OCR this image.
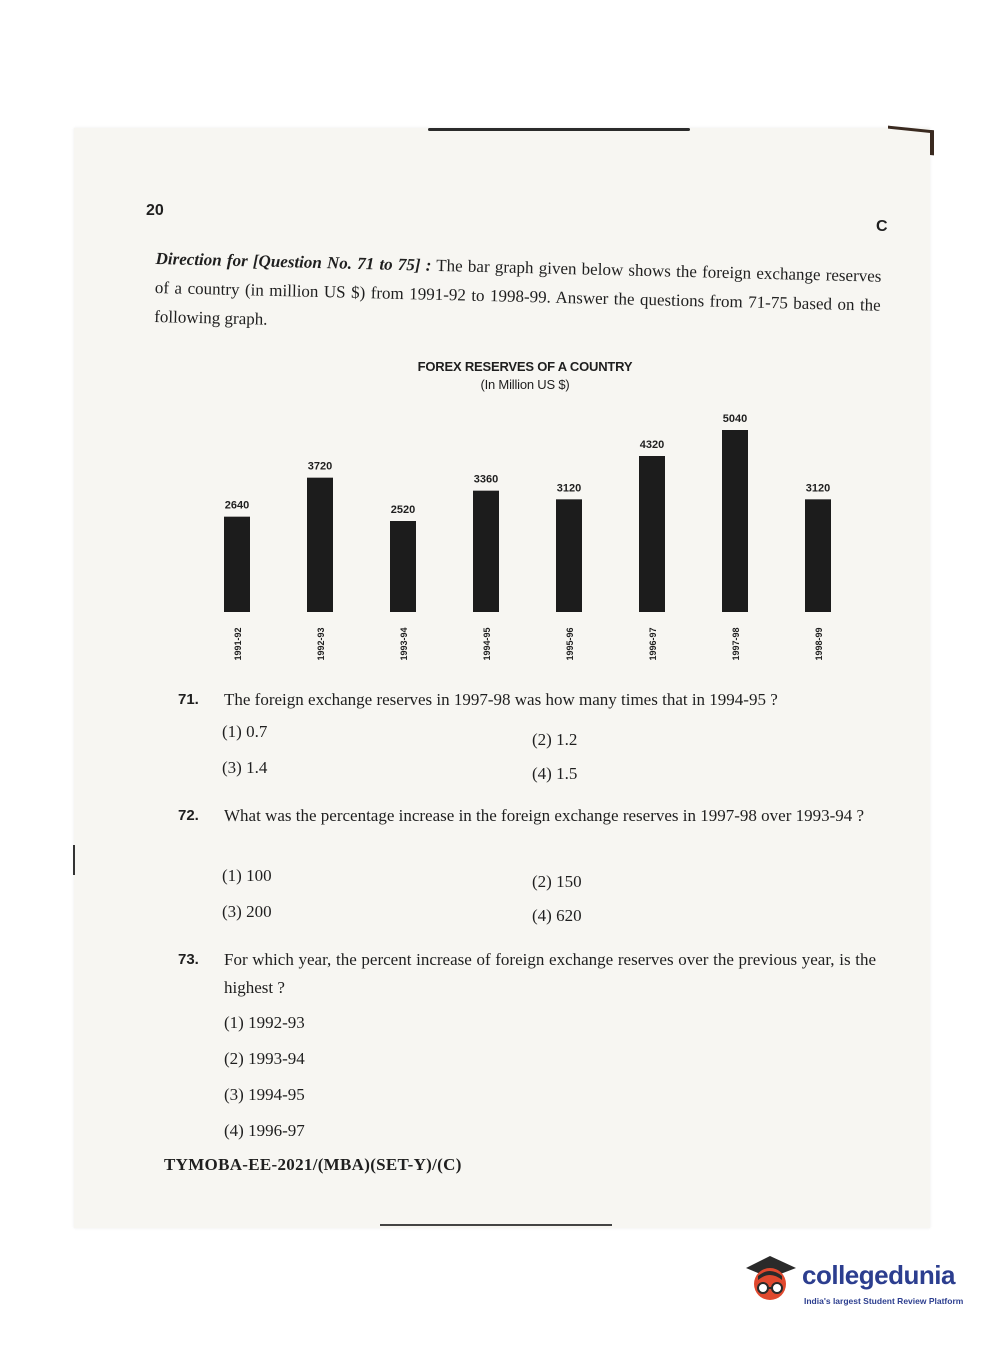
20
C
Direction for [Question No. 71 to 75] : The bar graph given below shows the foreign exchange reserves of a country (in million US $) from 1991-92 to 1998-99. Answer the questions from 71-75 based on the following graph.
FOREX RESERVES OF A COUNTRY
(In Million US $)
2640
1991-92
3720
1992-93
2520
1993-94
3360
1994-95
3120
1995-96
4320
1996-97
5040
1997-98
3120
1998-99
71. The foreign exchange reserves in 1997-98 was how many times that in 1994-95 ?
(1) 0.7	(2) 1.2
(3) 1.4	(4) 1.5
72. What was the percentage increase in the foreign exchange reserves in 1997-98 over 1993-94 ?
(1) 100	(2) 150
(3) 200	(4) 620
73. For which year, the percent increase of foreign exchange reserves over the previous year, is the highest ?
(1) 1992-93
(2) 1993-94
(3) 1994-95
(4) 1996-97
TYMOBA-EE-2021/(MBA)(SET-Y)/(C)
collegedunia
India's largest Student Review Platform
